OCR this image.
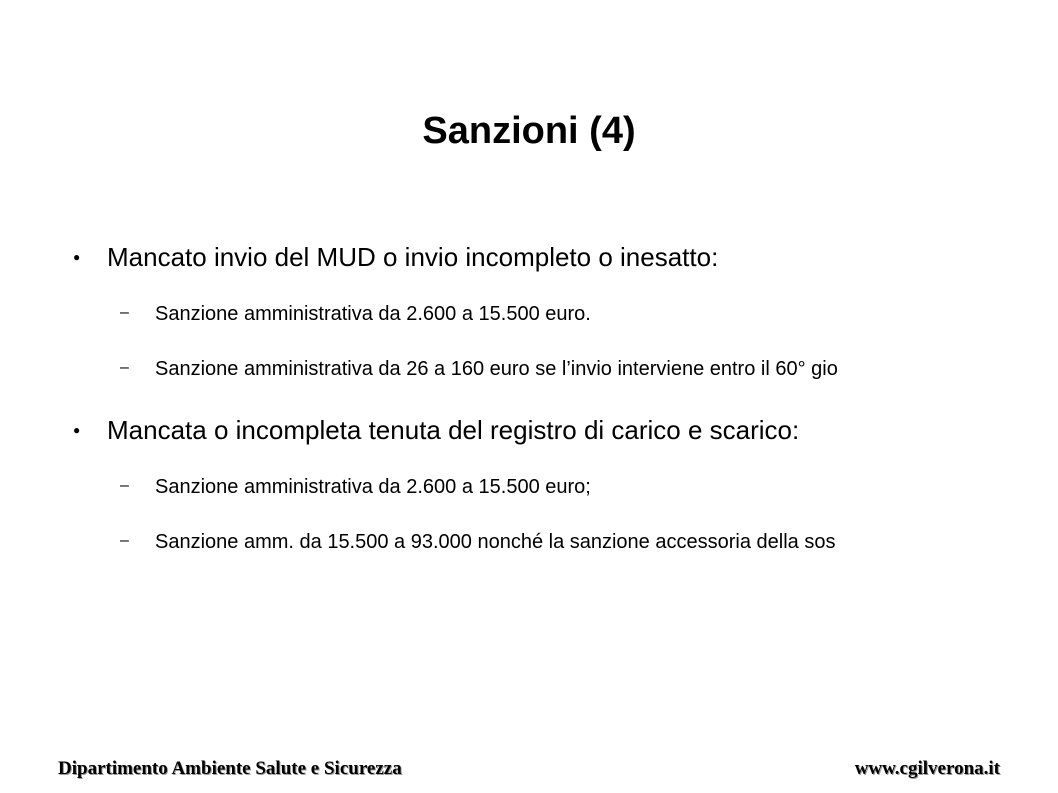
Sanzioni (4)
● Mancato invio del MUD o invio incompleto o inesatto:
– Sanzione amministrativa da 2.600 a 15.500 euro.
– Sanzione amministrativa da 26 a 160 euro se l’invio interviene entro il 60° gio
● Mancata o incompleta tenuta del registro di carico e scarico:
– Sanzione amministrativa da 2.600 a 15.500 euro;
– Sanzione amm. da 15.500 a 93.000 nonché la sanzione accessoria della sos
Dipartimento Ambiente Salute e Sicurezza	www.cgilverona.it
